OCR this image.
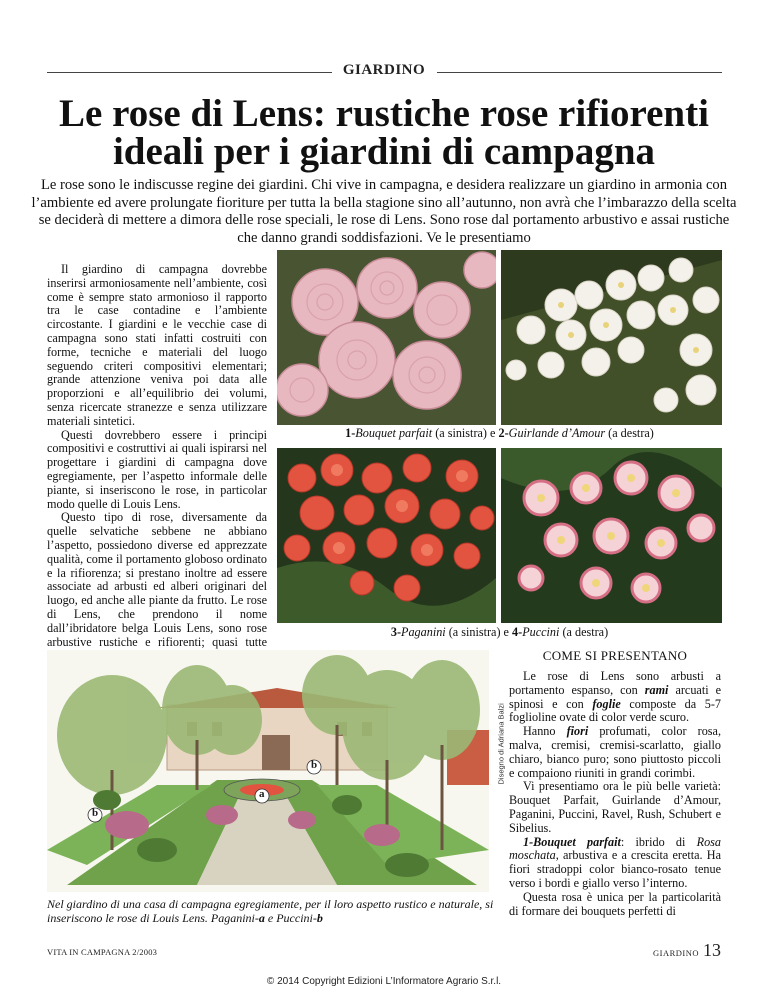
GIARDINO
Le rose di Lens: rustiche rose rifiorenti
ideali per i giardini di campagna
Le rose sono le indiscusse regine dei giardini. Chi vive in campagna, e desidera realizzare un giardino in armonia con l’ambiente ed avere prolungate fioriture per tutta la bella stagione sino all’autunno, non avrà che l’imbarazzo della scelta se deciderà di mettere a dimora delle rose speciali, le rose di Lens. Sono rose dal portamento arbustivo e assai rustiche che danno grandi soddisfazioni. Ve le presentiamo

Il giardino di campagna dovrebbe inserirsi armoniosamente nell’ambiente, così come è sempre stato armonioso il rapporto tra le case contadine e l’ambiente circostante. I giardini e le vecchie case di campagna sono stati infatti costruiti con forme, tecniche e materiali del luogo seguendo criteri compositivi elementari; grande attenzione veniva poi data alle proporzioni e all’equilibrio dei volumi, senza ricercate stranezze e senza utilizzare materiali sintetici.

Questi dovrebbero essere i principi compositivi e costruttivi ai quali ispirarsi nel progettare i giardini di campagna dove egregiamente, per l’aspetto informale delle piante, si inseriscono le rose, in particolar modo quelle di Louis Lens.

Questo tipo di rose, diversamente da quelle selvatiche sebbene ne abbiano l’aspetto, possiedono diverse ed apprezzate qualità, come il portamento globoso ordinato e la rifiorenza; si prestano inoltre ad essere associate ad arbusti ed alberi originari del luogo, ed anche alle piante da frutto. Le rose di Lens, che prendono il nome dall’ibridatore belga Louis Lens, sono rose arbustive rustiche e rifiorenti; quasi tutte

1-Bouquet parfait (a sinistra) e 2-Guirlande d’Amour (a destra)
3-Paganini (a sinistra) e 4-Puccini (a destra)
b
a
b
Disegno di Adriana Balzi
Nel giardino di una casa di campagna egregiamente, per il loro aspetto rustico e naturale, si inseriscono le rose di Louis Lens. Paganini-a e Puccini-b
COME SI PRESENTANO

Le rose di Lens sono arbusti a portamento espanso, con rami arcuati e spinosi e con foglie composte da 5-7 foglioline ovate di color verde scuro.

Hanno fiori profumati, color rosa, malva, cremisi, cremisi-scarlatto, giallo chiaro, bianco puro; sono piuttosto piccoli e compaiono riuniti in grandi corimbi.

Vi presentiamo ora le più belle varietà: Bouquet Parfait, Guirlande d’Amour, Paganini, Puccini, Ravel, Rush, Schubert e Sibelius.

1-Bouquet parfait: ibrido di Rosa moschata, arbustiva e a crescita eretta. Ha fiori stradoppi color bianco-rosato tenue verso i bordi e giallo verso l’interno.

Questa rosa è unica per la particolarità di formare dei bouquets perfetti di

VITA IN CAMPAGNA 2/2003	GIARDINO 13
© 2014 Copyright Edizioni L’Informatore Agrario S.r.l.
